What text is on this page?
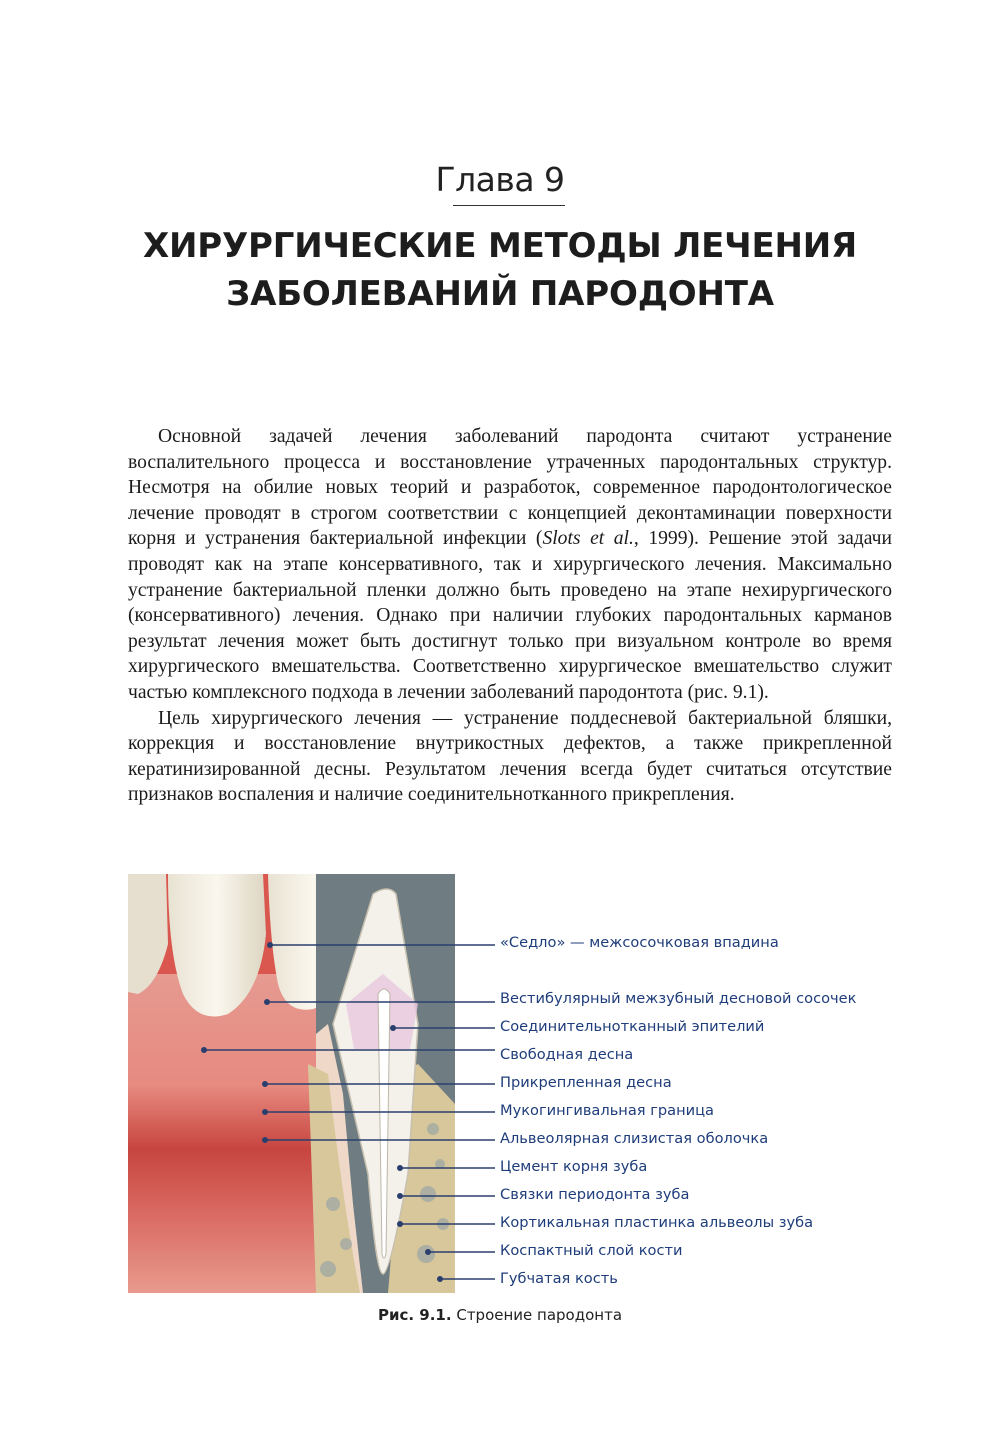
Глава 9
ХИРУРГИЧЕСКИЕ МЕТОДЫ ЛЕЧЕНИЯ
ЗАБОЛЕВАНИЙ ПАРОДОНТА

Основной задачей лечения заболеваний пародонта считают устранение воспалительного процесса и восстановление утраченных пародонтальных структур. Несмотря на обилие новых теорий и разработок, современное пародонтологическое лечение проводят в строгом соответствии с концепцией деконтаминации поверхности корня и устранения бактериальной инфекции (Slots et al., 1999). Решение этой задачи проводят как на этапе консервативного, так и хирургического лечения. Максимально устранение бактериальной пленки должно быть проведено на этапе нехирургического (консервативного) лечения. Однако при наличии глубоких пародонтальных карманов результат лечения может быть достигнут только при визуальном контроле во время хирургического вмешательства. Соответственно хирургическое вмешательство служит частью комплексного подхода в лечении заболеваний пародонтота (рис. 9.1).

Цель хирургического лечения — устранение поддесневой бактериальной бляшки, коррекция и восстановление внутрикостных дефектов, а также прикрепленной кератинизированной десны. Результатом лечения всегда будет считаться отсутствие признаков воспаления и наличие соединительнотканного прикрепления.

«Седло» — межсосочковая впадина
Вестибулярный межзубный десновой сосочек
Соединительнотканный эпителий
Свободная десна
Прикрепленная десна
Мукогингивальная граница
Альвеолярная слизистая оболочка
Цемент корня зуба
Связки периодонта зуба
Кортикальная пластинка альвеолы зуба
Коспактный слой кости
Губчатая кость
Рис. 9.1. Строение пародонта
